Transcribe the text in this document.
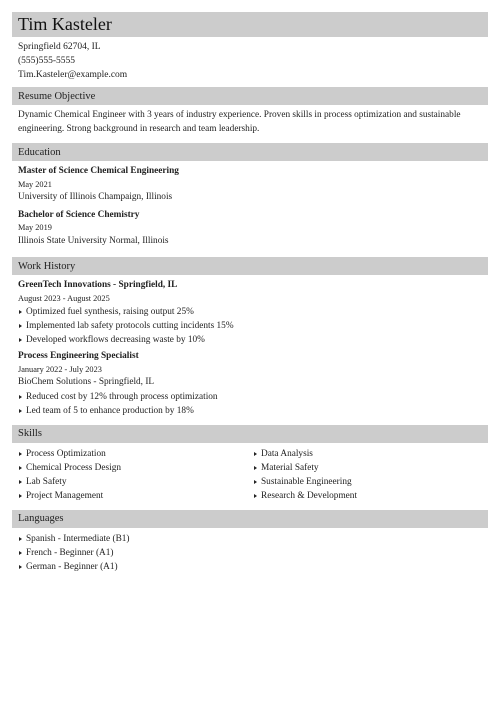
Tim Kasteler
Springfield 62704, IL
(555)555-5555
Tim.Kasteler@example.com
Resume Objective
Dynamic Chemical Engineer with 3 years of industry experience. Proven skills in process optimization and sustainable engineering. Strong background in research and team leadership.
Education
Master of Science Chemical Engineering
May 2021
University of Illinois Champaign, Illinois
Bachelor of Science Chemistry
May 2019
Illinois State University Normal, Illinois
Work History
GreenTech Innovations - Springfield, IL
August 2023 - August 2025
Optimized fuel synthesis, raising output 25%
Implemented lab safety protocols cutting incidents 15%
Developed workflows decreasing waste by 10%
Process Engineering Specialist
January 2022 - July 2023
BioChem Solutions - Springfield, IL
Reduced cost by 12% through process optimization
Led team of 5 to enhance production by 18%
Skills
Process Optimization
Chemical Process Design
Lab Safety
Project Management
Data Analysis
Material Safety
Sustainable Engineering
Research & Development
Languages
Spanish - Intermediate (B1)
French - Beginner (A1)
German - Beginner (A1)
